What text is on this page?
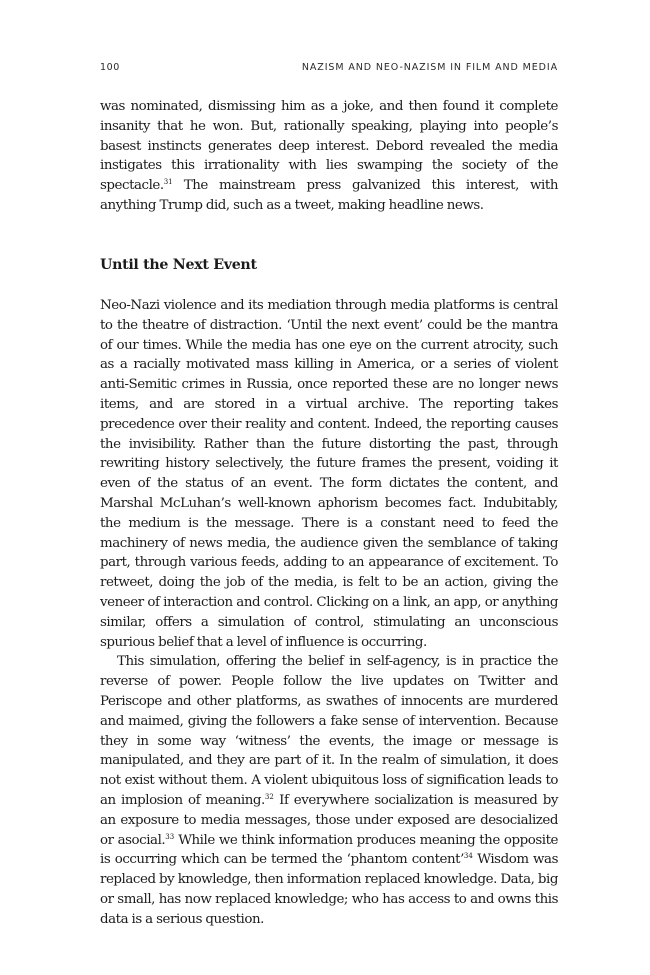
100	NAZISM AND NEO-NAZISM IN FILM AND MEDIA

was nominated, dismissing him as a joke, and then found it complete insanity that he won. But, rationally speaking, playing into people’s basest instincts generates deep interest. Debord revealed the media instigates this irrationality with lies swamping the society of the spectacle.$^{31}$ The mainstream press galvanized this interest, with anything Trump did, such as a tweet, making headline news.

Until the Next Event

Neo-Nazi violence and its mediation through media platforms is central to the theatre of distraction. ‘Until the next event’ could be the mantra of our times. While the media has one eye on the current atrocity, such as a racially motivated mass killing in America, or a series of violent anti-Semitic crimes in Russia, once reported these are no longer news items, and are stored in a virtual archive. The reporting takes precedence over their reality and content. Indeed, the reporting causes the invisibility. Rather than the future distorting the past, through rewriting history selectively, the future frames the present, voiding it even of the status of an event. The form dictates the content, and Marshal McLuhan’s well-known aphorism becomes fact. Indubitably, the medium is the message. There is a constant need to feed the machinery of news media, the audience given the semblance of taking part, through various feeds, adding to an appearance of excitement. To retweet, doing the job of the media, is felt to be an action, giving the veneer of interaction and control. Clicking on a link, an app, or anything similar, offers a simulation of control, stimulating an unconscious spurious belief that a level of influence is occurring.

This simulation, offering the belief in self-agency, is in practice the reverse of power. People follow the live updates on Twitter and Periscope and other platforms, as swathes of innocents are murdered and maimed, giving the followers a fake sense of intervention. Because they in some way ‘witness’ the events, the image or message is manipulated, and they are part of it. In the realm of simulation, it does not exist without them. A violent ubiquitous loss of signification leads to an implosion of meaning.$^{32}$ If everywhere socialization is measured by an exposure to media messages, those under exposed are desocialized or asocial.$^{33}$ While we think information produces meaning the opposite is occurring which can be termed the ‘phantom content’$^{34}$ Wisdom was replaced by knowledge, then information replaced knowledge. Data, big or small, has now replaced knowledge; who has access to and owns this data is a serious question.
